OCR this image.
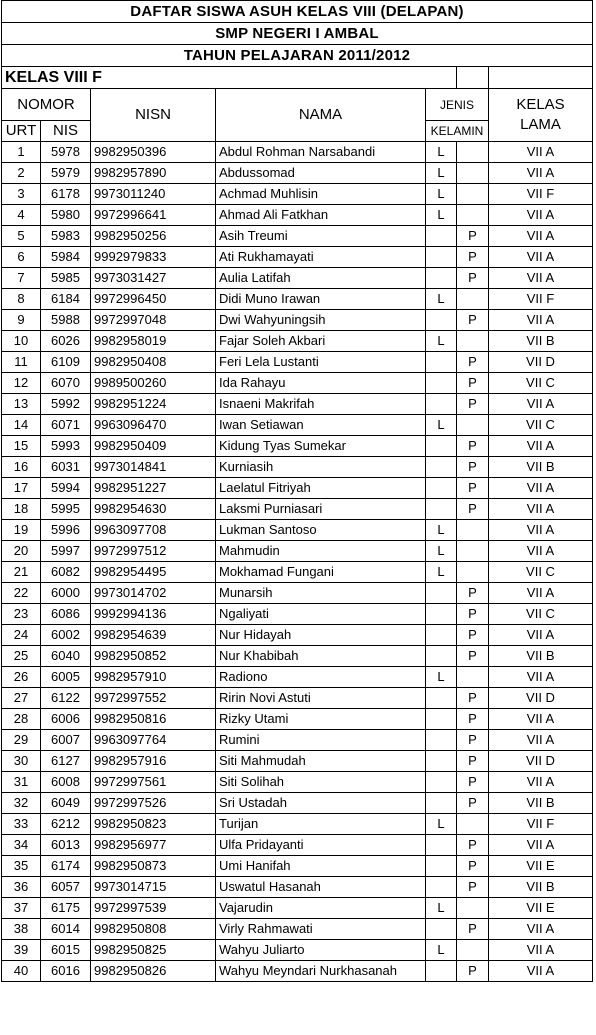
DAFTAR SISWA ASUH KELAS VIII (DELAPAN)						
SMP NEGERI I AMBAL						
TAHUN PELAJARAN 2011/2012						
KELAS VIII F						
NOMOR		NISN	NAMA	JENIS		KELAS
LAMA
URT	NIS			KELAMIN		
1	5978	9982950396	Abdul Rohman Narsabandi	L		VII A
2	5979	9982957890	Abdussomad	L		VII A
3	6178	9973011240	Achmad Muhlisin	L		VII F
4	5980	9972996641	Ahmad Ali Fatkhan	L		VII A
5	5983	9982950256	Asih Treumi		P	VII A
6	5984	9992979833	Ati Rukhamayati		P	VII A
7	5985	9973031427	Aulia Latifah		P	VII A
8	6184	9972996450	Didi Muno Irawan	L		VII F
9	5988	9972997048	Dwi Wahyuningsih		P	VII A
10	6026	9982958019	Fajar Soleh Akbari	L		VII B
11	6109	9982950408	Feri Lela Lustanti		P	VII D
12	6070	9989500260	Ida Rahayu		P	VII C
13	5992	9982951224	Isnaeni Makrifah		P	VII A
14	6071	9963096470	Iwan Setiawan	L		VII C
15	5993	9982950409	Kidung Tyas Sumekar		P	VII A
16	6031	9973014841	Kurniasih		P	VII B
17	5994	9982951227	Laelatul Fitriyah		P	VII A
18	5995	9982954630	Laksmi Purniasari		P	VII A
19	5996	9963097708	Lukman Santoso	L		VII A
20	5997	9972997512	Mahmudin	L		VII A
21	6082	9982954495	Mokhamad Fungani	L		VII C
22	6000	9973014702	Munarsih		P	VII A
23	6086	9992994136	Ngaliyati		P	VII C
24	6002	9982954639	Nur Hidayah		P	VII A
25	6040	9982950852	Nur Khabibah		P	VII B
26	6005	9982957910	Radiono	L		VII A
27	6122	9972997552	Ririn Novi Astuti		P	VII D
28	6006	9982950816	Rizky Utami		P	VII A
29	6007	9963097764	Rumini		P	VII A
30	6127	9982957916	Siti Mahmudah		P	VII D
31	6008	9972997561	Siti Solihah		P	VII A
32	6049	9972997526	Sri Ustadah		P	VII B
33	6212	9982950823	Turijan	L		VII F
34	6013	9982956977	Ulfa Pridayanti		P	VII A
35	6174	9982950873	Umi Hanifah		P	VII E
36	6057	9973014715	Uswatul Hasanah		P	VII B
37	6175	9972997539	Vajarudin	L		VII E
38	6014	9982950808	Virly Rahmawati		P	VII A
39	6015	9982950825	Wahyu Juliarto	L		VII A
40	6016	9982950826	Wahyu Meyndari Nurkhasanah		P	VII A
